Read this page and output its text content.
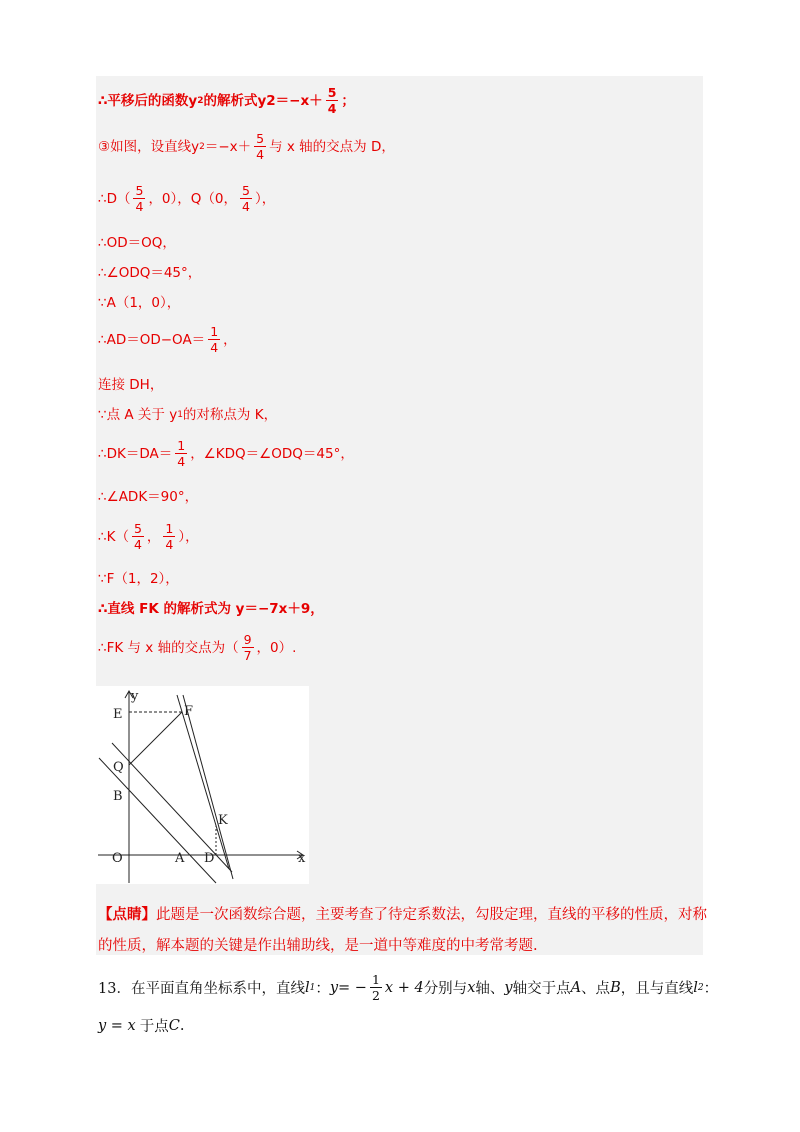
∴平移后的函数y 2 的解析式$y2=-x+ \frac{5}{4}$ ；
③如图，设直线y $2 =-x+ \frac{5}{4}$ 与 x 轴的交点为 D，
∴D（ $\frac{5}{4}$ ，0），Q（0， $\frac{5}{4}$ ），
∴OD＝OQ，
∴∠ODQ＝45°，
∵A（1，0），
∴AD＝OD−OA＝ $\frac{1}{4}$ ，
连接 DH，
∵点 A 关于 y 1 的对称点为 K，
∴DK＝DA＝ $\frac{1}{4}$ ，∠KDQ＝∠ODQ＝45°，
∴∠ADK＝90°，
∴K（ $\frac{5}{4}$ ， $\frac{1}{4}$ ），
∵F（1，2），
∴直线 FK 的解析式为 y＝−7x＋9，
∴FK 与 x 轴的交点为（ $\frac{9}{7}$ ，0）.
y
x
E	F
Q
B
K
O	A D
【点睛】此题是一次函数综合题，主要考查了待定系数法，勾股定理，直线的平移的性质，对称
的性质，解本题的关键是作出辅助线，是一道中等难度的中考常考题.
13．在平面直角坐标系中，直线 l 1 ： y = − $\frac{1}{2}$ x + 4 分别与 x 轴、 y 轴交于点 A 、点 B ，且与直线 l 2 ：
y = x 于点 C .
